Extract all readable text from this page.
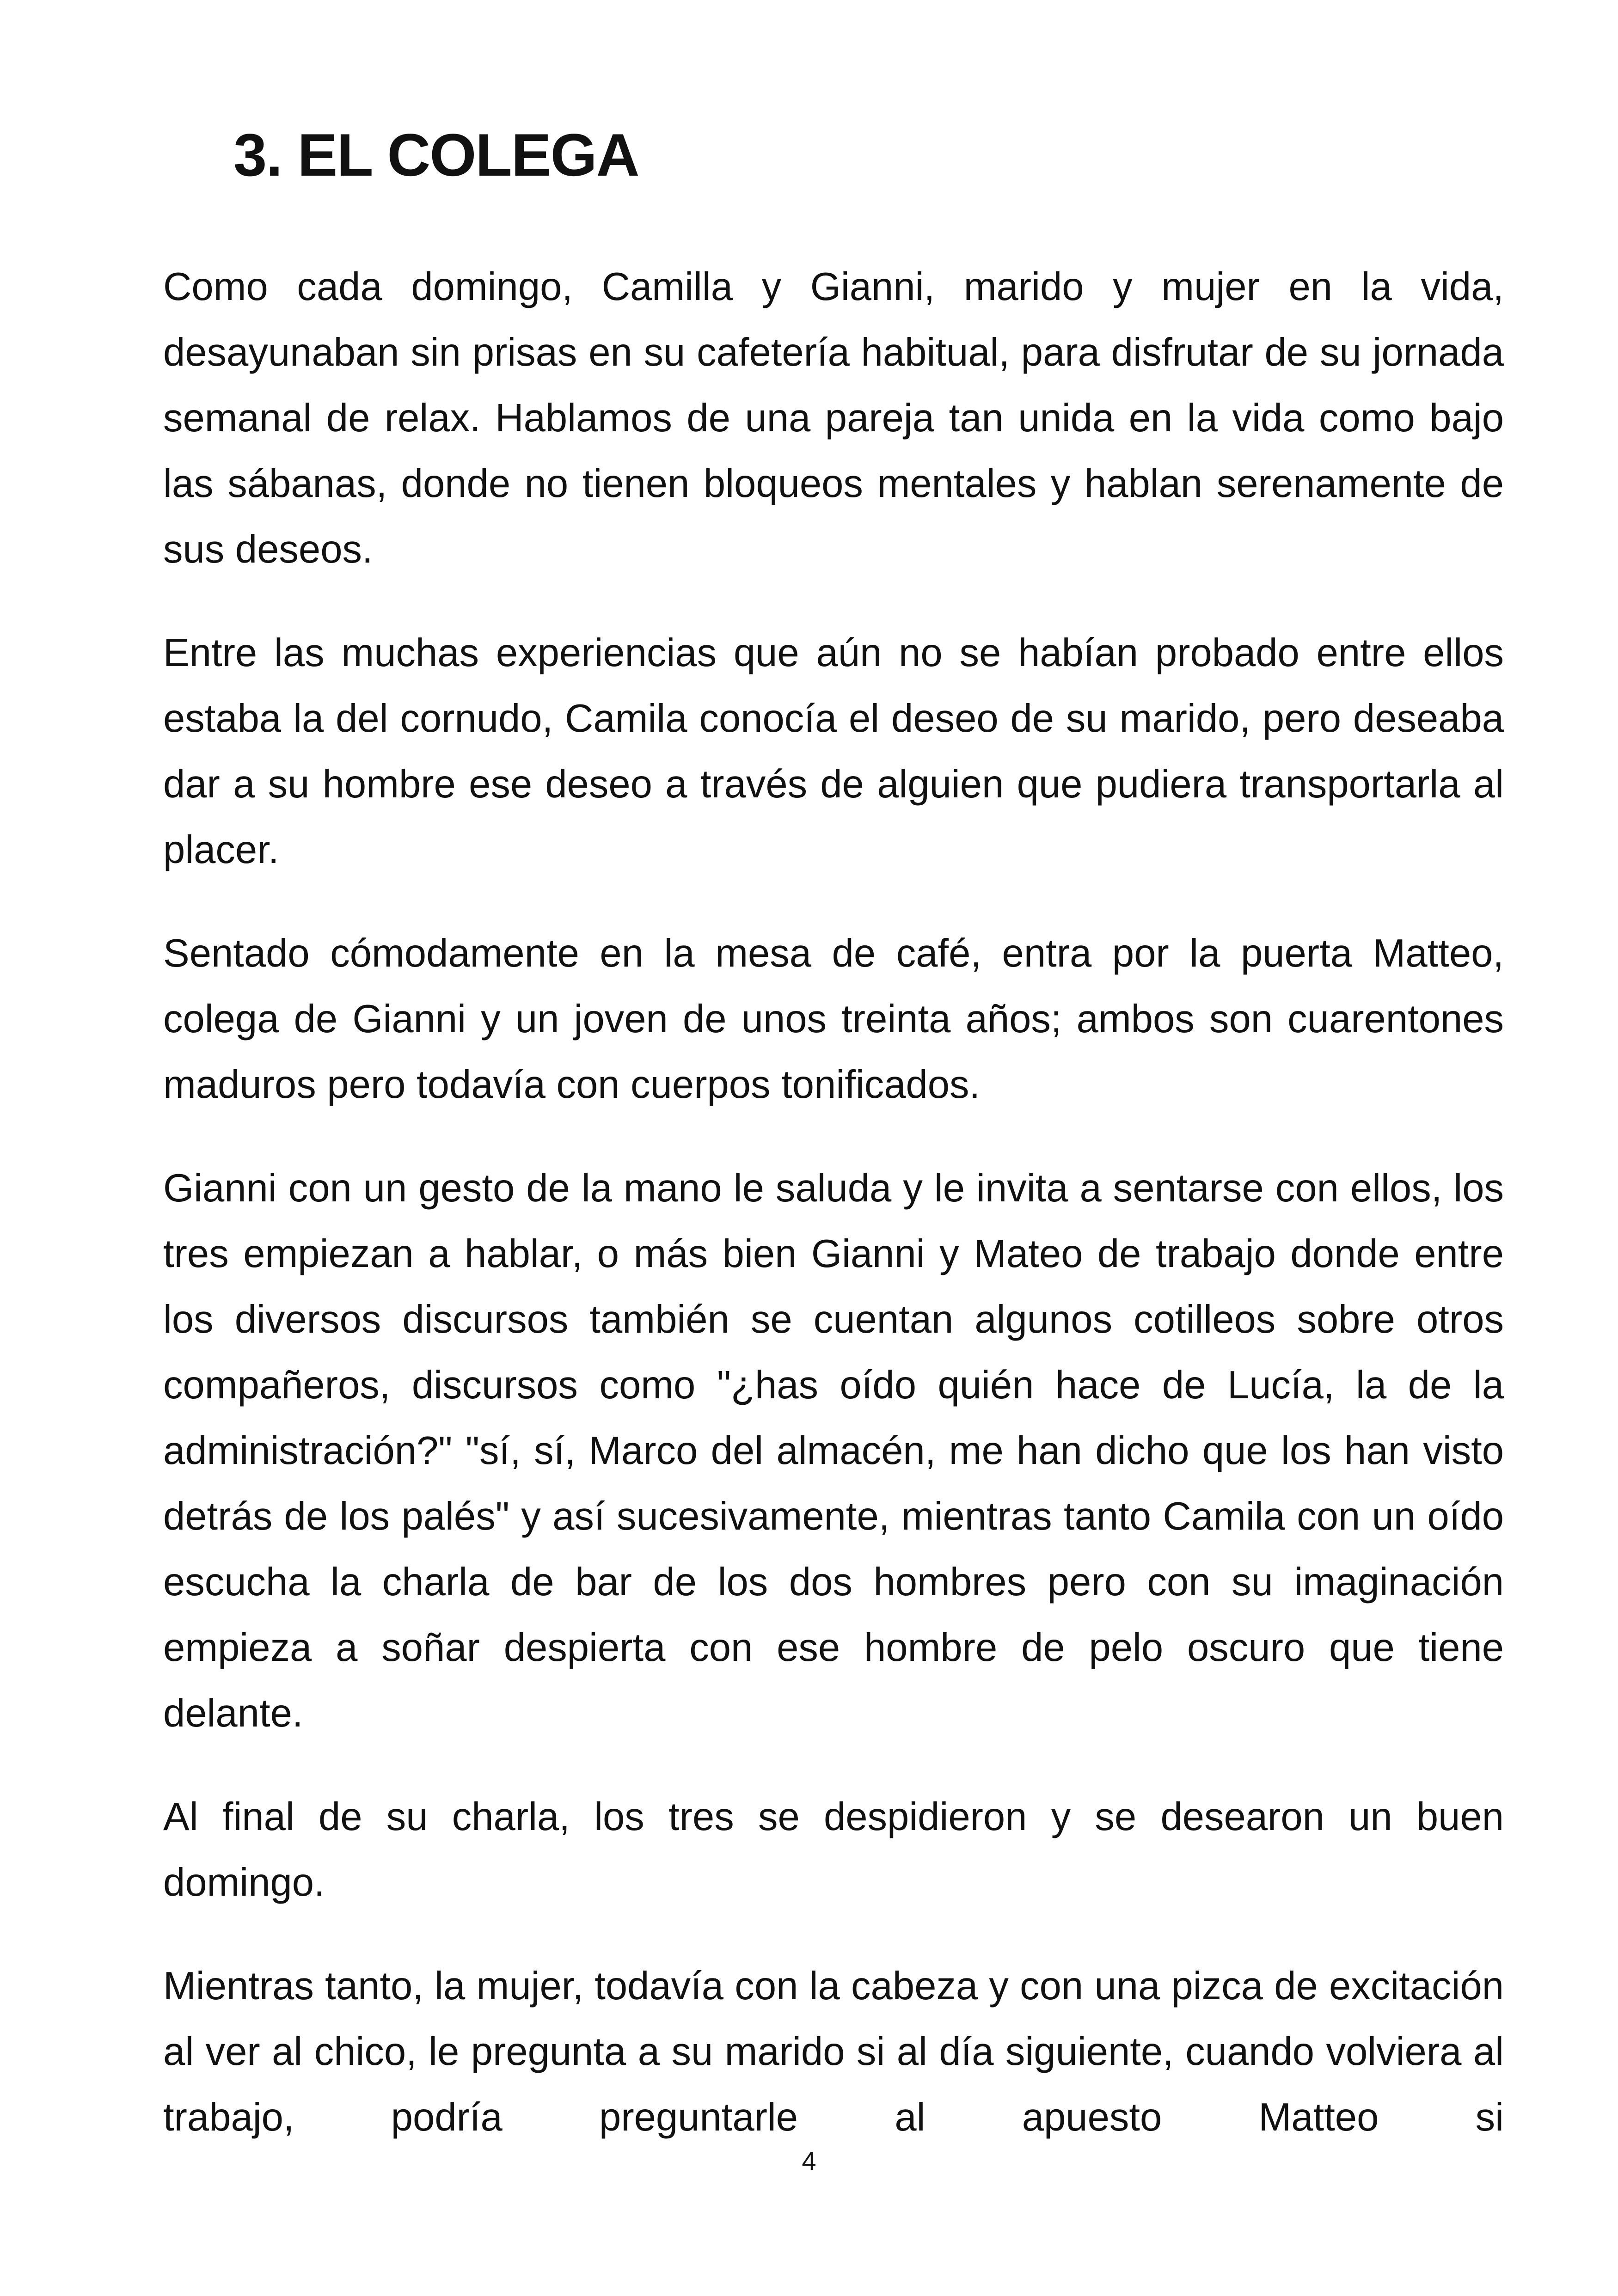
3. EL COLEGA

Como cada domingo, Camilla y Gianni, marido y mujer en la vida, desayunaban sin prisas en su cafetería habitual, para disfrutar de su jornada semanal de relax. Hablamos de una pareja tan unida en la vida como bajo las sábanas, donde no tienen bloqueos mentales y hablan serenamente de sus deseos.

Entre las muchas experiencias que aún no se habían probado entre ellos estaba la del cornudo, Camila conocía el deseo de su marido, pero deseaba dar a su hombre ese deseo a través de alguien que pudiera transportarla al placer.

Sentado cómodamente en la mesa de café, entra por la puerta Matteo, colega de Gianni y un joven de unos treinta años; ambos son cuarentones maduros pero todavía con cuerpos tonificados.

Gianni con un gesto de la mano le saluda y le invita a sentarse con ellos, los tres empiezan a hablar, o más bien Gianni y Mateo de trabajo donde entre los diversos discursos también se cuentan algunos cotilleos sobre otros compañeros, discursos como "¿has oído quién hace de Lucía, la de la administración?" "sí, sí, Marco del almacén, me han dicho que los han visto detrás de los palés" y así sucesivamente, mientras tanto Camila con un oído escucha la charla de bar de los dos hombres pero con su imaginación empieza a soñar despierta con ese hombre de pelo oscuro que tiene delante.

Al final de su charla, los tres se despidieron y se desearon un buen domingo.

Mientras tanto, la mujer, todavía con la cabeza y con una pizca de excitación al ver al chico, le pregunta a su marido si al día siguiente, cuando volviera al trabajo, podría preguntarle al apuesto Matteo si

4
